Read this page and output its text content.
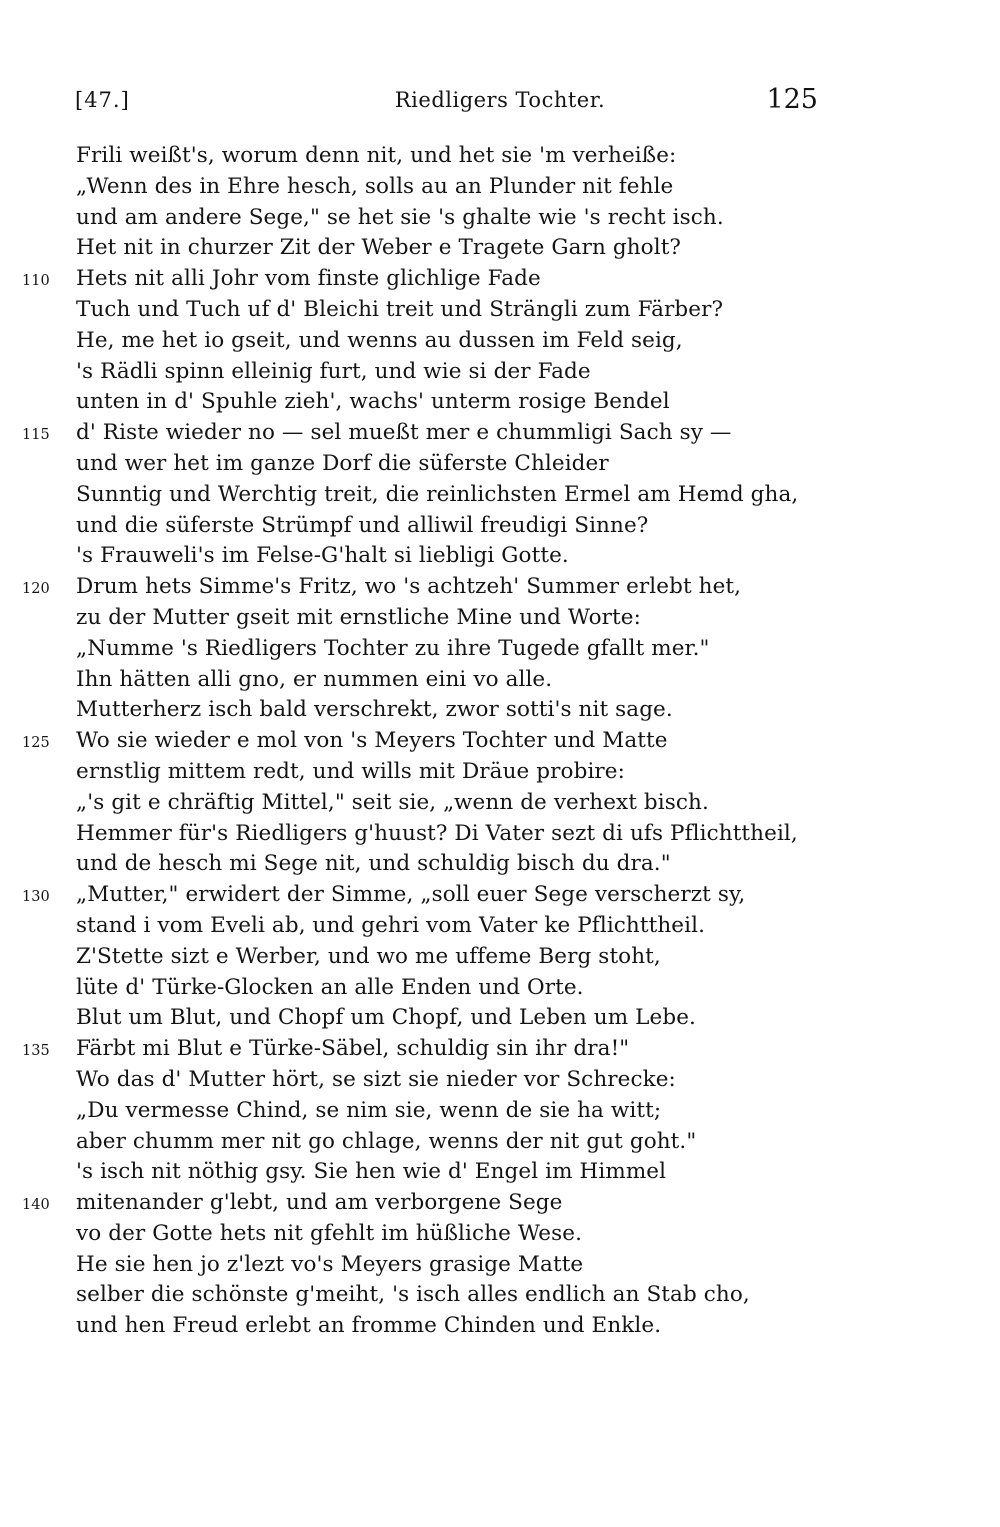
[47.]	Riedligers Tochter.	125
Frili weißt's, worum denn nit, und het sie 'm verheiße:
„Wenn des in Ehre hesch, solls au an Plunder nit fehle
und am andere Sege," se het sie 's ghalte wie 's recht isch.
Het nit in churzer Zit der Weber e Tragete Garn gholt?
110	Hets nit alli Johr vom finste glichlige Fade
Tuch und Tuch uf d' Bleichi treit und Strängli zum Färber?
He, me het io gseit, und wenns au dussen im Feld seig,
's Rädli spinn elleinig furt, und wie si der Fade
unten in d' Spuhle zieh', wachs' unterm rosige Bendel
115	d' Riste wieder no — sel mueßt mer e chummligi Sach sy —
und wer het im ganze Dorf die süferste Chleider
Sunntig und Werchtig treit, die reinlichsten Ermel am Hemd gha,
und die süferste Strümpf und alliwil freudigi Sinne?
's Frauweli's im Felse-G'halt si liebligi Gotte.
120	Drum hets Simme's Fritz, wo 's achtzeh' Summer erlebt het,
zu der Mutter gseit mit ernstliche Mine und Worte:
„Numme 's Riedligers Tochter zu ihre Tugede gfallt mer."
Ihn hätten alli gno, er nummen eini vo alle.
Mutterherz isch bald verschrekt, zwor sotti's nit sage.
125	Wo sie wieder e mol von 's Meyers Tochter und Matte
ernstlig mittem redt, und wills mit Dräue probire:
„'s git e chräftig Mittel," seit sie, „wenn de verhext bisch.
Hemmer für's Riedligers g'huust? Di Vater sezt di ufs Pflichttheil,
und de hesch mi Sege nit, und schuldig bisch du dra."
130	„Mutter," erwidert der Simme, „soll euer Sege verscherzt sy,
stand i vom Eveli ab, und gehri vom Vater ke Pflichttheil.
Z'Stette sizt e Werber, und wo me uffeme Berg stoht,
lüte d' Türke-Glocken an alle Enden und Orte.
Blut um Blut, und Chopf um Chopf, und Leben um Lebe.
135	Färbt mi Blut e Türke-Säbel, schuldig sin ihr dra!"
Wo das d' Mutter hört, se sizt sie nieder vor Schrecke:
„Du vermesse Chind, se nim sie, wenn de sie ha witt;
aber chumm mer nit go chlage, wenns der nit gut goht."
's isch nit nöthig gsy. Sie hen wie d' Engel im Himmel
140	mitenander g'lebt, und am verborgene Sege
vo der Gotte hets nit gfehlt im hüßliche Wese.
He sie hen jo z'lezt vo's Meyers grasige Matte
selber die schönste g'meiht, 's isch alles endlich an Stab cho,
und hen Freud erlebt an fromme Chinden und Enkle.
